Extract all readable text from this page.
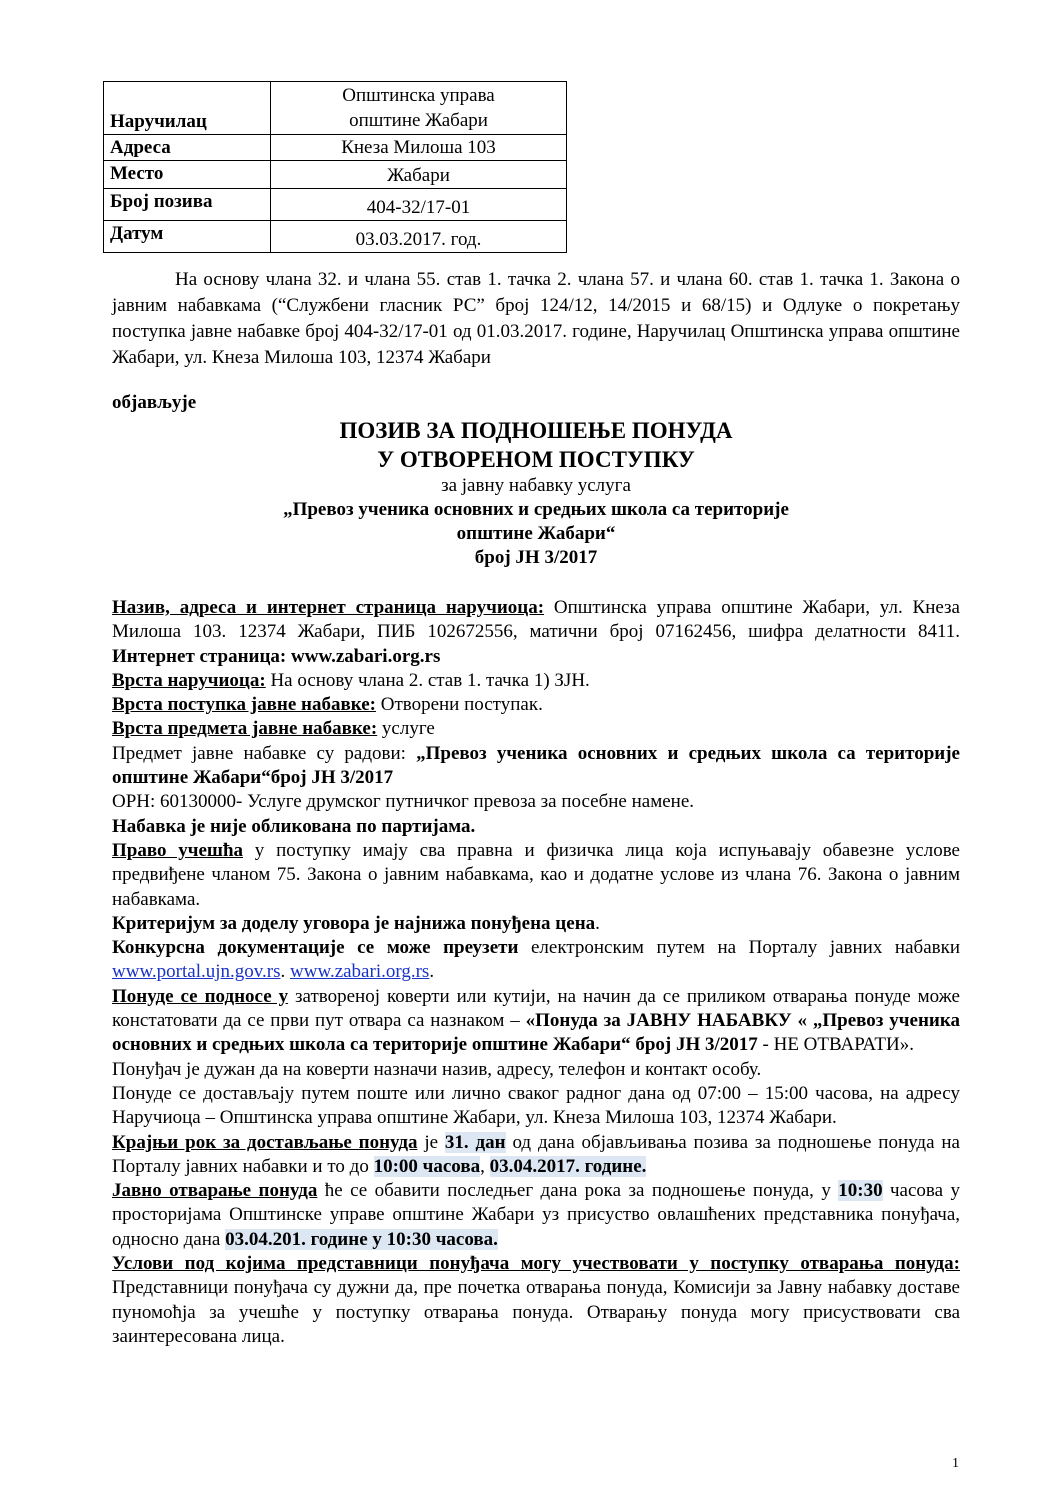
Наручилац	Општинска управа
општине Жабари
Адреса	Кнеза Милоша 103
Место	Жабари
Број позива	404-32/17-01
Датум	03.03.2017. год.

На основу члана 32. и члана 55. став 1. тачка 2. члана 57. и члана 60. став 1. тачка 1. Закона о јавним набавкама (“Службени гласник РС” број 124/12, 14/2015 и 68/15) и Одлуке о покретању поступка јавне набавке број 404-32/17-01 од 01.03.2017. године, Наручилац Општинска управа општине Жабари, ул. Кнеза Милоша 103, 12374 Жабари

објављује

ПОЗИВ ЗА ПОДНОШЕЊЕ ПОНУДА
У ОТВОРЕНОМ ПОСТУПКУ
за јавну набавку услуга
„Превоз ученика основних и средњих школа са територије
општине Жабари“
број ЈН 3/2017

Назив, адреса и интернет страница наручиоца: Општинска управа општине Жабари, ул. Кнеза Милоша 103. 12374 Жабари, ПИБ 102672556, матични број 07162456, шифра делатности 8411. Интернет страница: www.zabari.org.rs

Врста наручиоца: На основу члана 2. став 1. тачка 1) ЗЈН.

Врста поступка јавне набавке: Отворени поступак.

Врста предмета јавне набавке: услуге

Предмет јавне набавке су радови: „Превоз ученика основних и средњих школа са територије општине Жабари“број ЈН 3/2017

ОРН: 60130000- Услуге друмског путничког превоза за посебне намене.

Набавка је није обликована по партијама.

Право учешћа у поступку имају сва правна и физичка лица која испуњавају обавезне услове предвиђене чланом 75. Закона о јавним набавкама, као и додатне услове из члана 76. Закона о јавним набавкама.

Критеријум за доделу уговора је најнижа понуђена цена.

Конкурсна документације се може преузети електронским путем на Порталу јавних набавки www.portal.ujn.gov.rs. www.zabari.org.rs.

Понуде се подносе у затвореној коверти или кутији, на начин да се приликом отварања понуде може констатовати да се први пут отвара са назнаком – «Понуда за ЈАВНУ НАБАВКУ « „Превоз ученика основних и средњих школа са територије општине Жабари“ број ЈН 3/2017 - НЕ ОТВАРАТИ».

Понуђач је дужан да на коверти назначи назив, адресу, телефон и контакт особу.

Понуде се достављају путем поште или лично сваког радног дана од 07:00 – 15:00 часова, на адресу Наручиоца – Општинска управа општине Жабари, ул. Кнеза Милоша 103, 12374 Жабари.

Крајњи рок за достављање понуда је 31. дан од дана објављивања позива за подношење понуда на Порталу јавних набавки и то до 10:00 часова, 03.04.2017. године.

Јавно отварање понуда ће се обавити последњег дана рока за подношење понуда, у 10:30 часова у просторијама Општинске управе општине Жабари уз присуство овлашћених представника понуђача, односно дана 03.04.201. године у 10:30 часова.

Услови под којима представници понуђача могу учествовати у поступку отварања понуда: Представници понуђача су дужни да, пре почетка отварања понуда, Комисији за Јавну набавку доставе пуномоћја за учешће у поступку отварања понуда. Отварању понуда могу присуствовати сва заинтересована лица.

1
